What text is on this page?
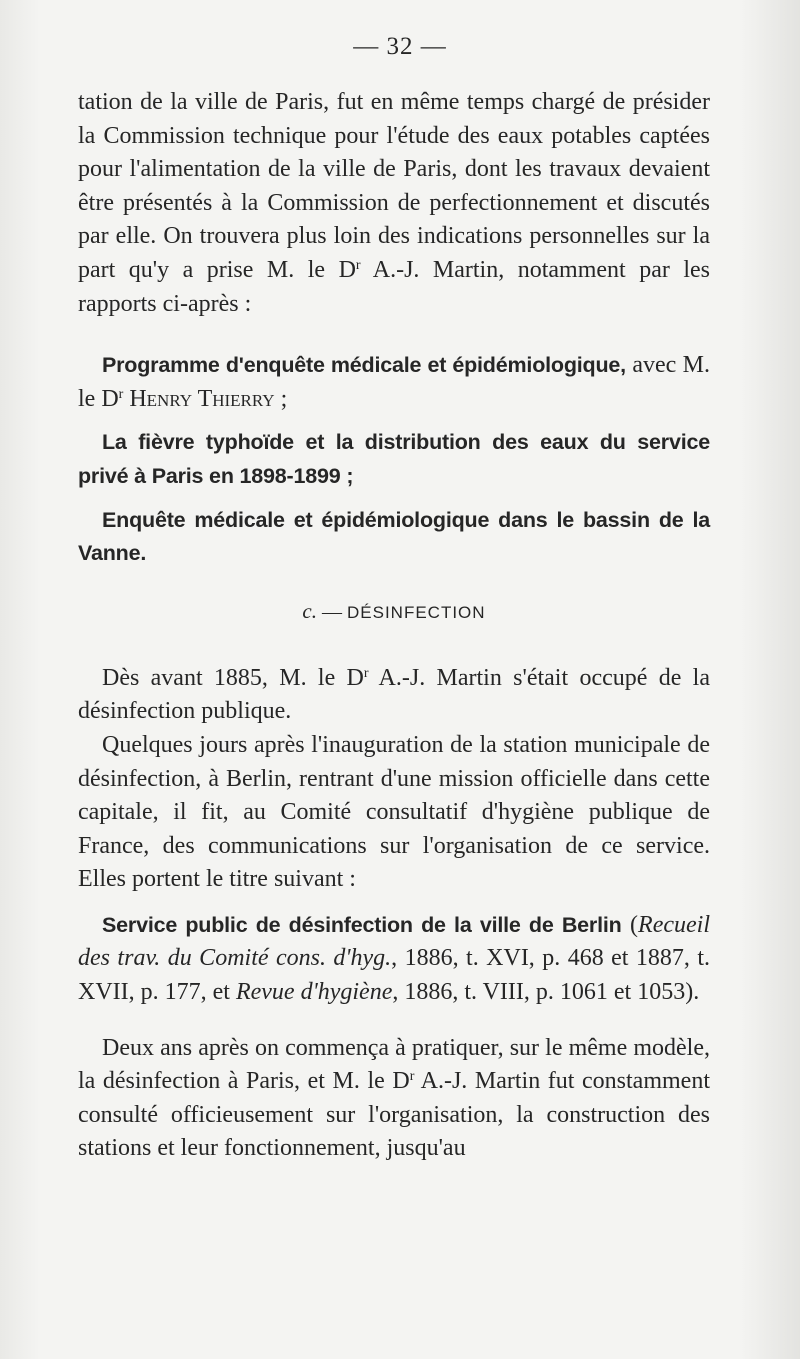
— 32 —

tation de la ville de Paris, fut en même temps chargé de présider la Commission technique pour l'étude des eaux potables captées pour l'alimentation de la ville de Paris, dont les travaux devaient être présentés à la Commission de perfectionnement et discutés par elle. On trouvera plus loin des indications personnelles sur la part qu'y a prise M. le $D^r$ A.-J. Martin, notamment par les rapports ci-après :

Programme d'enquête médicale et épidémiologique, avec M. le $D^r$ Henry Thierry ;

La fièvre typhoïde et la distribution des eaux du service privé à Paris en 1898-1899 ;

Enquête médicale et épidémiologique dans le bassin de la Vanne.

c. — DÉSINFECTION

Dès avant 1885, M. le $D^r$ A.-J. Martin s'était occupé de la désinfection publique.

Quelques jours après l'inauguration de la station municipale de désinfection, à Berlin, rentrant d'une mission officielle dans cette capitale, il fit, au Comité consultatif d'hygiène publique de France, des communications sur l'organisation de ce service. Elles portent le titre suivant :

Service public de désinfection de la ville de Berlin (Recueil des trav. du Comité cons. d'hyg., 1886, t. XVI, p. 468 et 1887, t. XVII, p. 177, et Revue d'hygiène, 1886, t. VIII, p. 1061 et 1053).

Deux ans après on commença à pratiquer, sur le même modèle, la désinfection à Paris, et M. le $D^r$ A.-J. Martin fut constamment consulté officieusement sur l'organisation, la construction des stations et leur fonctionnement, jusqu'au
